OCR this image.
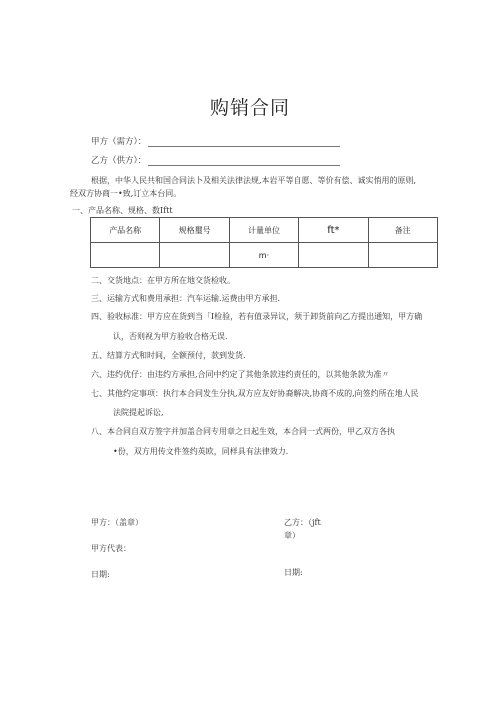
购销合同
甲方（需方）：
乙方（供方）：
根据，中华人民共和国合同法卜及相关法律法规,本岩平等自愿、等价有偿、诚实悄用的原则,
经双方协商一•致,订立本台同。
一、产品名称、规格、数Iftt
产品名称	规格璽号	计量单位	ft*	备注
		m·		
二、交货地点：在甲方所在地交货检收。
三、运输方式和费用承担：汽车运输.运费由甲方承担.
四、验收标准：甲方应在货到当「I检验，若有值录异议，须于卸货前向乙方提出通知，甲方确
认，否则视为甲方验收合格无误.
五、结算方式和时间，全额预付，款到发货.
六、违约优仔：由违约方承担,合同中约定了其他条款违约责任的，以其他条款为准〃
七、其他约定事项：执行本合同发生分执,双方应友好协裔解决,协商不成的,向签约所在地人民
法院提起诉讼,
八、本合同自双方签字并加盖合同专用章之日起生效，本合同一式两份，甲乙双方各执
•份，双方用传文件签约英欧，同样具有法律效力.
甲方：（盖章）	乙方：（jft
章）
甲方代表：
日期:	日期:
